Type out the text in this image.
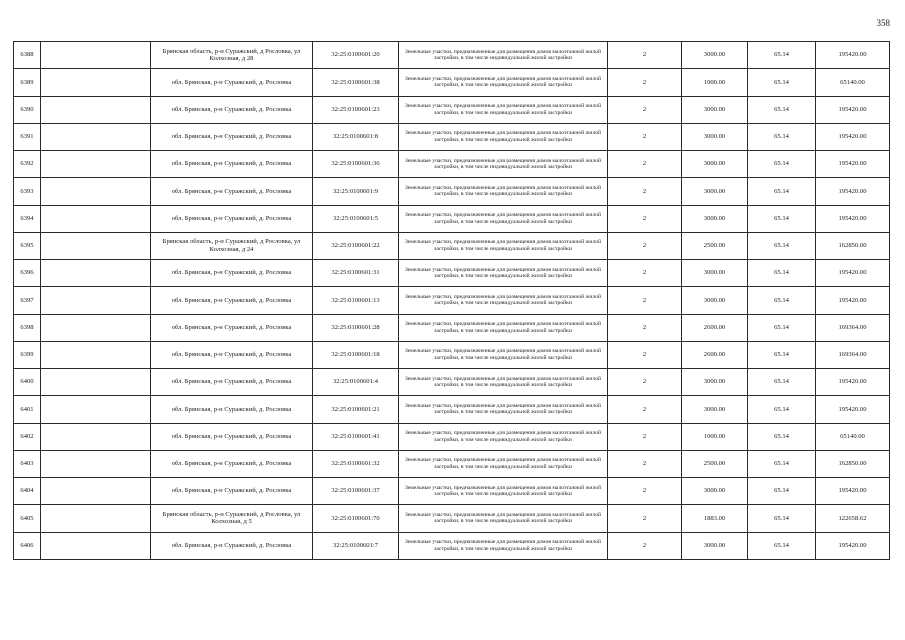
358
6388		Брянская область, р-н Суражский, д Рословка, ул Колхозная, д 28	32:25:0100601:20	Земельные участки, предназначенные для размещения домов малоэтажной жилой застройки, в том числе индивидуальной жилой застройки	2	3000.00	65.14	195420.00
6389		обл. Брянская, р-н Суражский, д. Рословка	32:25:0100601:38	Земельные участки, предназначенные для размещения домов малоэтажной жилой застройки, в том числе индивидуальной жилой застройки	2	1000.00	65.14	65140.00
6390		обл. Брянская, р-н Суражский, д. Рословка	32:25:0100601:23	Земельные участки, предназначенные для размещения домов малоэтажной жилой застройки, в том числе индивидуальной жилой застройки	2	3000.00	65.14	195420.00
6391		обл. Брянская, р-н Суражский, д. Рословка	32:25:0100601:8	Земельные участки, предназначенные для размещения домов малоэтажной жилой застройки, в том числе индивидуальной жилой застройки	2	3000.00	65.14	195420.00
6392		обл. Брянская, р-н Суражский, д. Рословка	32:25:0100601:36	Земельные участки, предназначенные для размещения домов малоэтажной жилой застройки, в том числе индивидуальной жилой застройки	2	3000.00	65.14	195420.00
6393		обл. Брянская, р-н Суражский, д. Рословка	32:25:0100601:9	Земельные участки, предназначенные для размещения домов малоэтажной жилой застройки, в том числе индивидуальной жилой застройки	2	3000.00	65.14	195420.00
6394		обл. Брянская, р-н Суражский, д. Рословка	32:25:0100601:5	Земельные участки, предназначенные для размещения домов малоэтажной жилой застройки, в том числе индивидуальной жилой застройки	2	3000.00	65.14	195420.00
6395		Брянская область, р-н Суражский, д Рословка, ул Колхозная, д 24	32:25:0100601:22	Земельные участки, предназначенные для размещения домов малоэтажной жилой застройки, в том числе индивидуальной жилой застройки	2	2500.00	65.14	162850.00
6396		обл. Брянская, р-н Суражский, д. Рословка	32:25:0100601:31	Земельные участки, предназначенные для размещения домов малоэтажной жилой застройки, в том числе индивидуальной жилой застройки	2	3000.00	65.14	195420.00
6397		обл. Брянская, р-н Суражский, д. Рословка	32:25:0100601:13	Земельные участки, предназначенные для размещения домов малоэтажной жилой застройки, в том числе индивидуальной жилой застройки	2	3000.00	65.14	195420.00
6398		обл. Брянская, р-н Суражский, д. Рословка	32:25:0100601:28	Земельные участки, предназначенные для размещения домов малоэтажной жилой застройки, в том числе индивидуальной жилой застройки	2	2600.00	65.14	169364.00
6399		обл. Брянская, р-н Суражский, д. Рословка	32:25:0100601:18	Земельные участки, предназначенные для размещения домов малоэтажной жилой застройки, в том числе индивидуальной жилой застройки	2	2600.00	65.14	169364.00
6400		обл. Брянская, р-н Суражский, д. Рословка	32:25:0100601:4	Земельные участки, предназначенные для размещения домов малоэтажной жилой застройки, в том числе индивидуальной жилой застройки	2	3000.00	65.14	195420.00
6401		обл. Брянская, р-н Суражский, д. Рословка	32:25:0100601:21	Земельные участки, предназначенные для размещения домов малоэтажной жилой застройки, в том числе индивидуальной жилой застройки	2	3000.00	65.14	195420.00
6402		обл. Брянская, р-н Суражский, д. Рословка	32:25:0100601:41	Земельные участки, предназначенные для размещения домов малоэтажной жилой застройки, в том числе индивидуальной жилой застройки	2	1000.00	65.14	65140.00
6403		обл. Брянская, р-н Суражский, д. Рословка	32:25:0100601:32	Земельные участки, предназначенные для размещения домов малоэтажной жилой застройки, в том числе индивидуальной жилой застройки	2	2500.00	65.14	162850.00
6404		обл. Брянская, р-н Суражский, д. Рословка	32:25:0100601:37	Земельные участки, предназначенные для размещения домов малоэтажной жилой застройки, в том числе индивидуальной жилой застройки	2	3000.00	65.14	195420.00
6405		Брянская область, р-н Суражский, д Рословка, ул Колхозная, д 5	32:25:0100601:70	Земельные участки, предназначенные для размещения домов малоэтажной жилой застройки, в том числе индивидуальной жилой застройки	2	1883.00	65.14	122658.62
6406		обл. Брянская, р-н Суражский, д. Рословка	32:25:0100601:7	Земельные участки, предназначенные для размещения домов малоэтажной жилой застройки, в том числе индивидуальной жилой застройки	2	3000.00	65.14	195420.00
